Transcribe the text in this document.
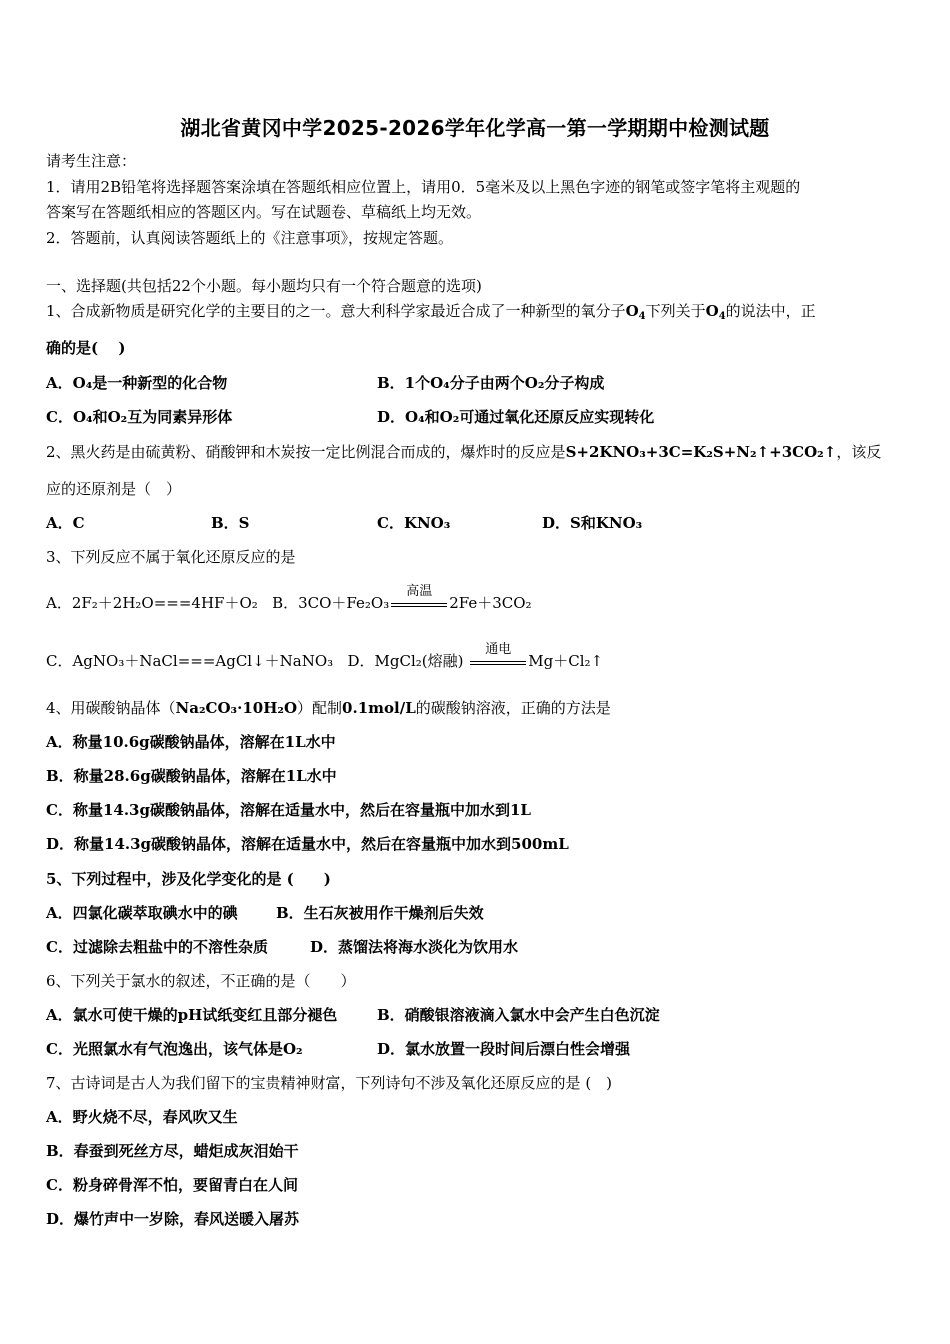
湖北省黄冈中学2025-2026学年化学高一第一学期期中检测试题
请考生注意：
1．请用2B铅笔将选择题答案涂填在答题纸相应位置上，请用0．5毫米及以上黑色字迹的钢笔或签字笔将主观题的
答案写在答题纸相应的答题区内。写在试题卷、草稿纸上均无效。
2．答题前，认真阅读答题纸上的《注意事项》，按规定答题。
一、选择题(共包括22个小题。每小题均只有一个符合题意的选项)
1、合成新物质是研究化学的主要目的之一。意大利科学家最近合成了一种新型的氧分子$O_4$下列关于$O_4$的说法中，正
确的是(　 )
A．O₄是一种新型的化合物	B．1个O₄分子由两个O₂分子构成
C．O₄和O₂互为同素异形体	D．O₄和O₂可通过氧化还原反应实现转化
2、黑火药是由硫黄粉、硝酸钾和木炭按一定比例混合而成的，爆炸时的反应是S+2KNO₃+3C=K₂S+N₂↑+3CO₂↑，该反
应的还原剂是（　）
A．C	B．S	C．KNO₃	D．S和KNO₃
3、下列反应不属于氧化还原反应的是
A．2F₂＋2H₂O===4HF＋O₂ B．3CO＋Fe₂O₃
高温
2Fe＋3CO₂
C．AgNO₃＋NaCl===AgCl↓＋NaNO₃ D．MgCl₂(熔融)
通电
Mg＋Cl₂↑
4、用碳酸钠晶体（Na₂CO₃·10H₂O）配制0.1mol/L的碳酸钠溶液，正确的方法是
A．称量10.6g碳酸钠晶体，溶解在1L水中
B．称量28.6g碳酸钠晶体，溶解在1L水中
C．称量14.3g碳酸钠晶体，溶解在适量水中，然后在容量瓶中加水到1L
D．称量14.3g碳酸钠晶体，溶解在适量水中，然后在容量瓶中加水到500mL
5、下列过程中，涉及化学变化的是 (　　)
A．四氯化碳萃取碘水中的碘	B．生石灰被用作干燥剂后失效
C．过滤除去粗盐中的不溶性杂质	D．蒸馏法将海水淡化为饮用水
6、下列关于氯水的叙述，不正确的是（　　）
A．氯水可使干燥的pH试纸变红且部分褪色	B．硝酸银溶液滴入氯水中会产生白色沉淀
C．光照氯水有气泡逸出，该气体是O₂	D．氯水放置一段时间后漂白性会增强
7、古诗词是古人为我们留下的宝贵精神财富，下列诗句不涉及氧化还原反应的是 (　)
A．野火烧不尽，春风吹又生
B．春蚕到死丝方尽，蜡炬成灰泪始干
C．粉身碎骨浑不怕，要留青白在人间
D．爆竹声中一岁除，春风送暖入屠苏
